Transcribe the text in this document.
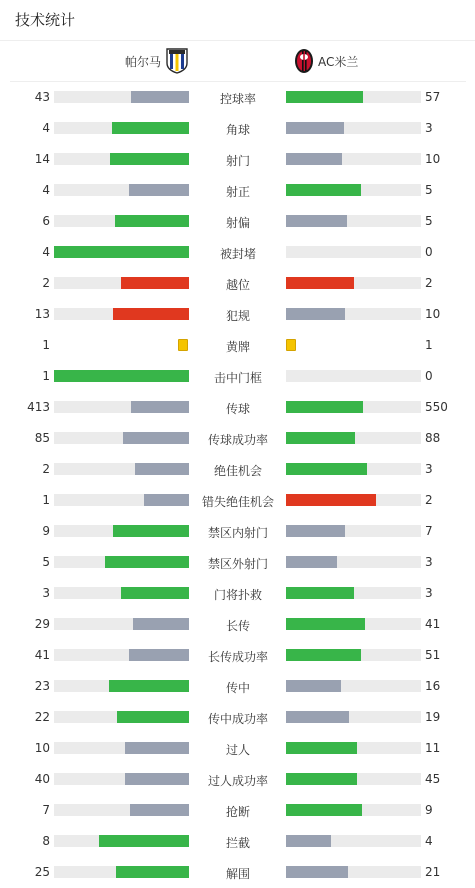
技术统计
帕尔马	AC米兰
43	控球率	57
4	角球	3
14	射门	10
4	射正	5
6	射偏	5
4	被封堵	0
2	越位	2
13	犯规	10
1	黄牌	1
1	击中门框	0
413	传球	550
85	传球成功率	88
2	绝佳机会	3
1	错失绝佳机会	2
9	禁区内射门	7
5	禁区外射门	3
3	门将扑救	3
29	长传	41
41	长传成功率	51
23	传中	16
22	传中成功率	19
10	过人	11
40	过人成功率	45
7	抢断	9
8	拦截	4
25	解围	21
